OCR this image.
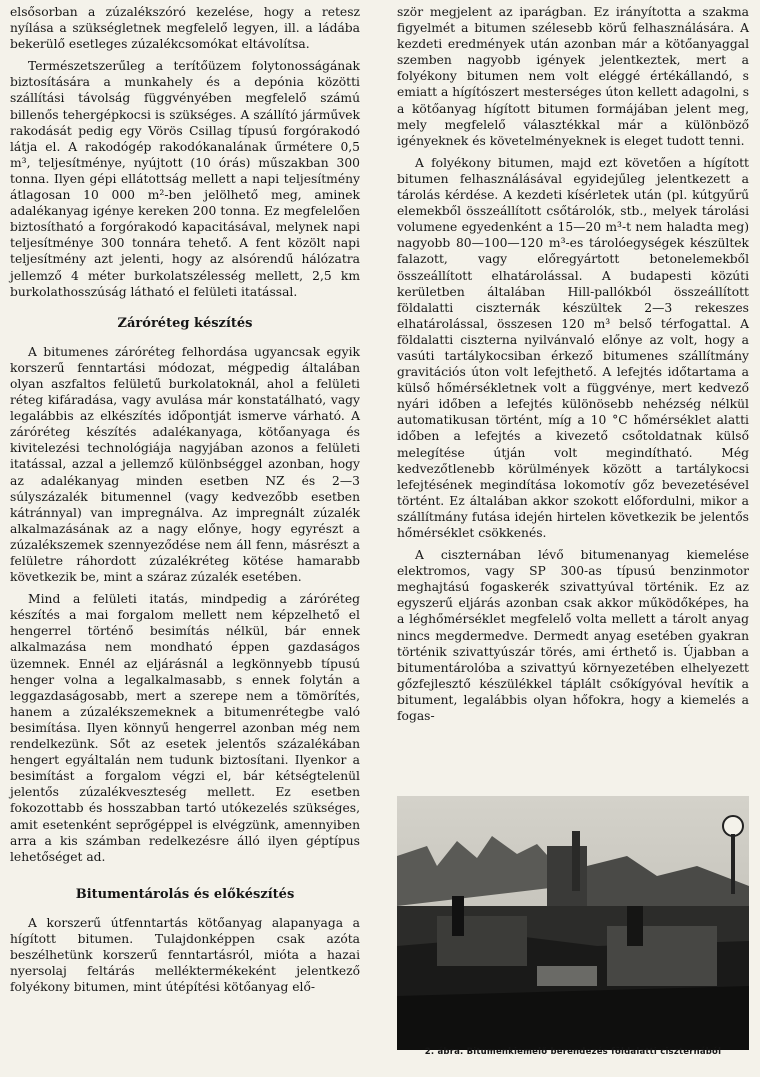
elsősorban a zúzalékszóró kezelése, hogy a retesz nyílása a szükségletnek megfelelő legyen, ill. a ládába bekerülő esetleges zúzalékcsomókat eltávolítsa.

Természetszerűleg a terítőüzem folytonosságának biztosítására a munkahely és a depónia közötti szállítási távolság függvényében megfelelő számú billenős tehergépkocsi is szükséges. A szállító járművek rakodását pedig egy Vörös Csillag típusú forgórakodó látja el. A rakodógép rakodókanalának űrmétere 0,5 m³, teljesítménye, nyújtott (10 órás) műszakban 300 tonna. Ilyen gépi ellátottság mellett a napi teljesítmény átlagosan 10 000 m²-ben jelölhető meg, aminek adalékanyag igénye kereken 200 tonna. Ez megfelelően biztosítható a forgórakodó kapacitásával, melynek napi teljesítménye 300 tonnára tehető. A fent közölt napi teljesítmény azt jelenti, hogy az alsórendű hálózatra jellemző 4 méter burkolatszélesség mellett, 2,5 km burkolathosszúság látható el felületi itatással.

Záróréteg készítés

A bitumenes záróréteg felhordása ugyancsak egyik korszerű fenntartási módozat, mégpedig általában olyan aszfaltos felületű burkolatoknál, ahol a felületi réteg kifáradása, vagy avulása már konstatálható, vagy legalábbis az elkészítés időpontját ismerve várható. A záróréteg készítés adalékanyaga, kötőanyaga és kivitelezési technológiája nagyjában azonos a felületi itatással, azzal a jellemző különbséggel azonban, hogy az adalékanyag minden esetben NZ és 2—3 súlyszázalék bitumennel (vagy kedvezőbb esetben kátránnyal) van impregnálva. Az impregnált zúzalék alkalmazásának az a nagy előnye, hogy egyrészt a zúzalékszemek szennyeződése nem áll fenn, másrészt a felületre ráhordott zúzalékréteg kötése hamarabb következik be, mint a száraz zúzalék esetében.

Mind a felületi itatás, mindpedig a záróréteg készítés a mai forgalom mellett nem képzelhető el hengerrel történő besimítás nélkül, bár ennek alkalmazása nem mondható éppen gazdaságos üzemnek. Ennél az eljárásnál a legkönnyebb típusú henger volna a legalkalmasabb, s ennek folytán a leggazdaságosabb, mert a szerepe nem a tömörítés, hanem a zúzalékszemeknek a bitumenrétegbe való besimítása. Ilyen könnyű hengerrel azonban még nem rendelkezünk. Sőt az esetek jelentős százalékában hengert egyáltalán nem tudunk biztosítani. Ilyenkor a besimítást a forgalom végzi el, bár kétségtelenül jelentős zúzalékveszteség mellett. Ez esetben fokozottabb és hosszabban tartó utókezelés szükséges, amit esetenként seprőgéppel is elvégzünk, amennyiben arra a kis számban redelkezésre álló ilyen géptípus lehetőséget ad.

Bitumentárolás és előkészítés

A korszerű útfenntartás kötőanyag alapanyaga a hígított bitumen. Tulajdonképpen csak azóta beszélhetünk korszerű fenntartásról, mióta a hazai nyersolaj feltárás melléktermékeként jelentkező folyékony bitumen, mint útépítési kötőanyag elő-

ször megjelent az iparágban. Ez irányította a szakma figyelmét a bitumen szélesebb körű felhasználására. A kezdeti eredmények után azonban már a kötőanyaggal szemben nagyobb igények jelentkeztek, mert a folyékony bitumen nem volt eléggé értékállandó, s emiatt a hígítószert mesterséges úton kellett adagolni, s a kötőanyag hígított bitumen formájában jelent meg, mely megfelelő választékkal már a különböző igényeknek és követelményeknek is eleget tudott tenni.

A folyékony bitumen, majd ezt követően a hígított bitumen felhasználásával egyidejűleg jelentkezett a tárolás kérdése. A kezdeti kísérletek után (pl. kútgyűrű elemekből összeállított csőtárolók, stb., melyek tárolási volumene egyedenként a 15—20 m³-t nem haladta meg) nagyobb 80—100—120 m³-es tárolóegységek készültek falazott, vagy előregyártott betonelemekből összeállított elhatárolással. A budapesti közúti kerületben általában Hill-pallókból összeállított földalatti ciszternák készültek 2—3 rekeszes elhatárolással, összesen 120 m³ belső térfogattal. A földalatti ciszterna nyilvánvaló előnye az volt, hogy a vasúti tartálykocsiban érkező bitumenes szállítmány gravitációs úton volt lefejthető. A lefejtés időtartama a külső hőmérsékletnek volt a függvénye, mert kedvező nyári időben a lefejtés különösebb nehézség nélkül automatikusan történt, míg a 10 °C hőmérséklet alatti időben a lefejtés a kivezető csőtoldatnak külső melegítése útján volt megindítható. Még kedvezőtlenebb körülmények között a tartálykocsi lefejtésének megindítása lokomotív gőz bevezetésével történt. Ez általában akkor szokott előfordulni, mikor a szállítmány futása idején hirtelen következik be jelentős hőmérséklet csökkenés.

A ciszternában lévő bitumenanyag kiemelése elektromos, vagy SP 300-as típusú benzinmotor meghajtású fogaskerék szivattyúval történik. Ez az egyszerű eljárás azonban csak akkor működőképes, ha a léghőmérséklet megfelelő volta mellett a tárolt anyag nincs megdermedve. Dermedt anyag esetében gyakran történik szivattyúszár törés, ami érthető is. Újabban a bitumentárolóba a szivattyú környezetében elhelyezett gőzfejlesztő készülékkel táplált csőkígyóval hevítik a bitument, legalábbis olyan hőfokra, hogy a kiemelés a fogas-

2. ábra. Bitumenkiemelő berendezés földalatti ciszternából
